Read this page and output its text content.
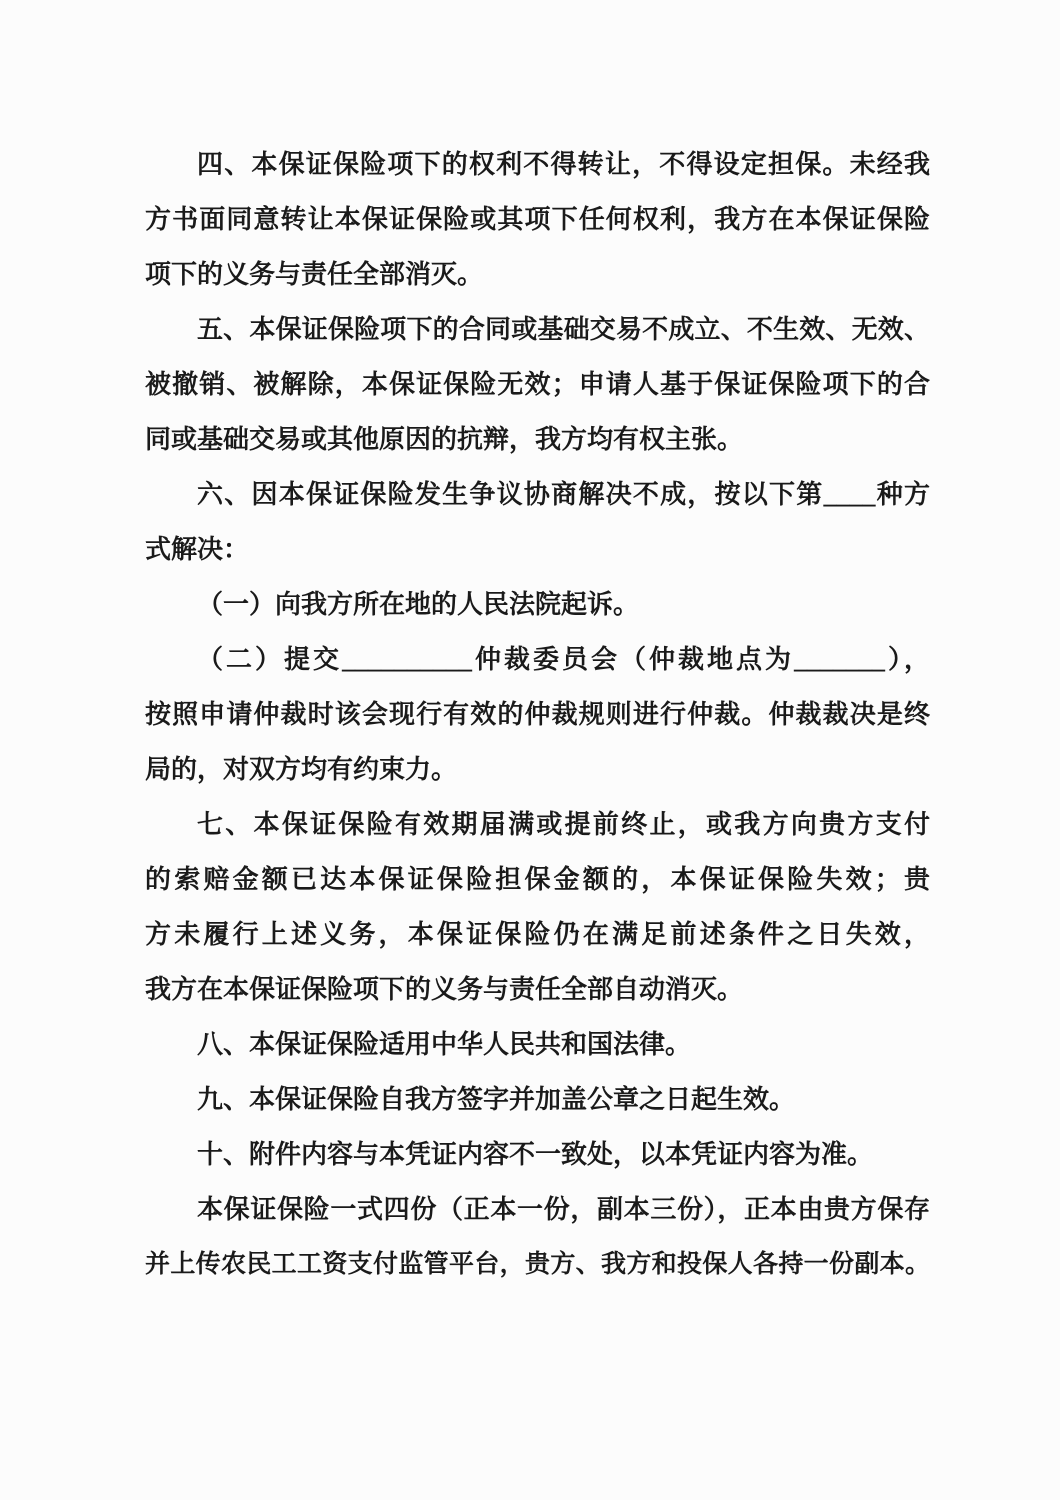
四、本保证保险项下的权利不得转让，不得设定担保。未经我
方书面同意转让本保证保险或其项下任何权利，我方在本保证保险
项下的义务与责任全部消灭。
五、本保证保险项下的合同或基础交易不成立、不生效、无效、
被撤销、被解除，本保证保险无效；申请人基于保证保险项下的合
同或基础交易或其他原因的抗辩，我方均有权主张。
六、因本保证保险发生争议协商解决不成，按以下第____种方
式解决：
（一）向我方所在地的人民法院起诉。
（二）提交__________仲裁委员会（仲裁地点为_______），
按照申请仲裁时该会现行有效的仲裁规则进行仲裁。仲裁裁决是终
局的，对双方均有约束力。
七、本保证保险有效期届满或提前终止，或我方向贵方支付
的索赔金额已达本保证保险担保金额的，本保证保险失效；贵
方未履行上述义务，本保证保险仍在满足前述条件之日失效，
我方在本保证保险项下的义务与责任全部自动消灭。
八、本保证保险适用中华人民共和国法律。
九、本保证保险自我方签字并加盖公章之日起生效。
十、附件内容与本凭证内容不一致处，以本凭证内容为准。
本保证保险一式四份（正本一份，副本三份），正本由贵方保存
并上传农民工工资支付监管平台，贵方、我方和投保人各持一份副本。
